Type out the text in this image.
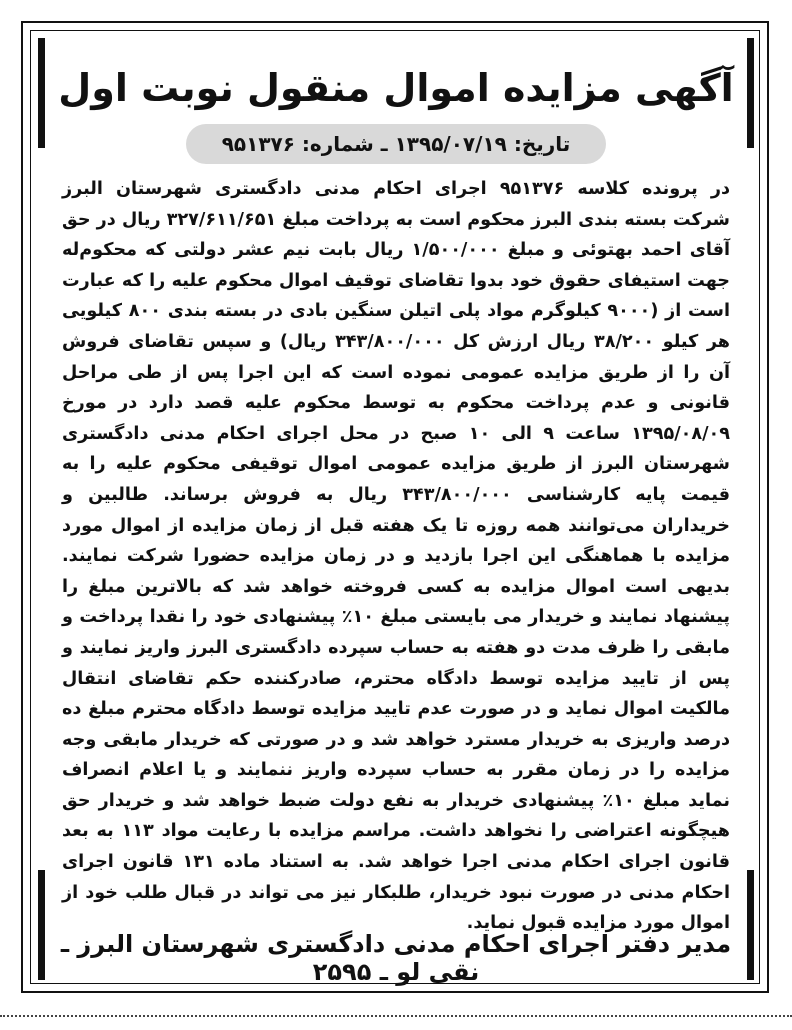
آگهی مزایده اموال منقول نوبت اول
تاریخ: ۱۳۹۵/۰۷/۱۹ ـ شماره: ۹۵۱۳۷۶
در پرونده کلاسه ۹۵۱۳۷۶ اجرای احکام مدنی دادگستری شهرستان البرز شرکت بسته بندی البرز محکوم است به پرداخت مبلغ ۳۲۷/۶۱۱/۶۵۱ ریال در حق آقای احمد بهتوئی و مبلغ ۱/۵۰۰/۰۰۰ ریال بابت نیم عشر دولتی که محکوم‌له جهت استیفای حقوق خود بدوا تقاضای توقیف اموال محکوم علیه را که عبارت است از (۹۰۰۰ کیلوگرم مواد پلی اتیلن سنگین بادی در بسته بندی ۸۰۰ کیلویی هر کیلو ۳۸/۲۰۰ ریال ارزش کل ۳۴۳/۸۰۰/۰۰۰ ریال) و سپس تقاضای فروش آن را از طریق مزایده عمومی نموده است که این اجرا پس از طی مراحل قانونی و عدم پرداخت محکوم به توسط محکوم علیه قصد دارد در مورخ ۱۳۹۵/۰۸/۰۹ ساعت ۹ الی ۱۰ صبح در محل اجرای احکام مدنی دادگستری شهرستان البرز از طریق مزایده عمومی اموال توقیفی محکوم علیه را به قیمت پایه کارشناسی ۳۴۳/۸۰۰/۰۰۰ ریال به فروش برساند. طالبین و خریداران می‌توانند همه روزه تا یک هفته قبل از زمان مزایده از اموال مورد مزایده با هماهنگی این اجرا بازدید و در زمان مزایده حضورا شرکت نمایند. بدیهی است اموال مزایده به کسی فروخته خواهد شد که بالاترین مبلغ را پیشنهاد نمایند و خریدار می بایستی مبلغ ۱۰٪ پیشنهادی خود را نقدا پرداخت و مابقی را ظرف مدت دو هفته به حساب سپرده دادگستری البرز واریز نمایند و پس از تایید مزایده توسط دادگاه محترم، صادرکننده حکم تقاضای انتقال مالکیت اموال نماید و در صورت عدم تایید مزایده توسط دادگاه محترم مبلغ ده درصد واریزی به خریدار مسترد خواهد شد و در صورتی که خریدار مابقی وجه مزایده را در زمان مقرر به حساب سپرده واریز ننمایند و یا اعلام انصراف نماید مبلغ ۱۰٪ پیشنهادی خریدار به نفع دولت ضبط خواهد شد و خریدار حق هیچگونه اعتراضی را نخواهد داشت. مراسم مزایده با رعایت مواد ۱۱۳ به بعد قانون اجرای احکام مدنی اجرا خواهد شد. به استناد ماده ۱۳۱ قانون اجرای احکام مدنی در صورت نبود خریدار، طلبکار نیز می تواند در قبال طلب خود از اموال مورد مزایده قبول نماید.
مدیر دفتر اجرای احکام مدنی دادگستری شهرستان البرز ـ نقی لو ـ ۲۵۹۵
